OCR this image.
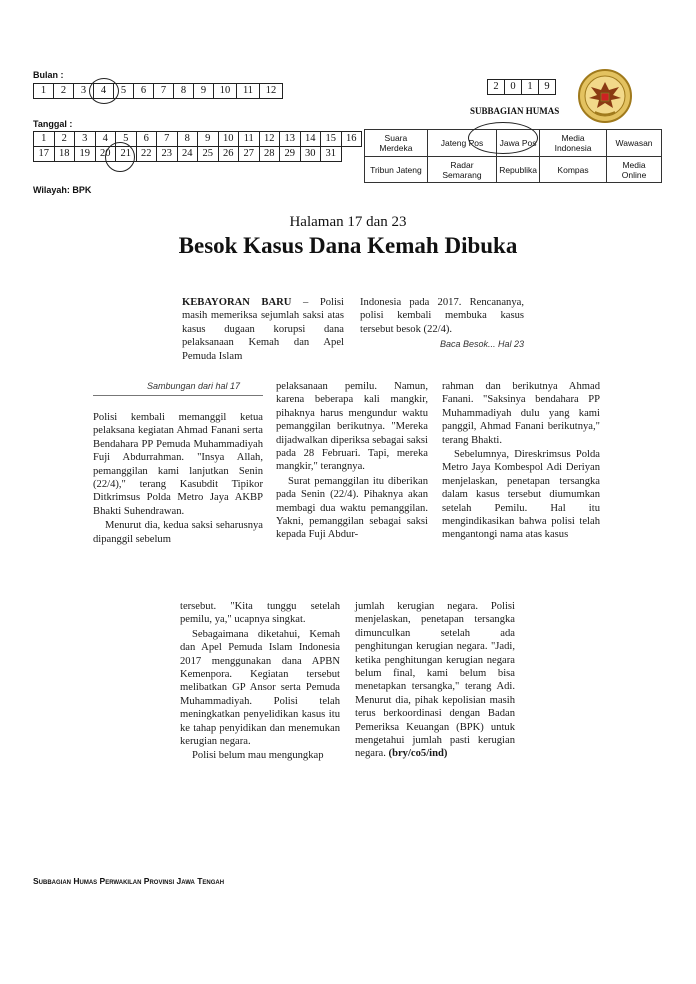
Bulan :
1	2	3	4	5	6	7	8	9	10	11	12	2	0	1	9
SUBBAGIAN HUMAS
Tanggal :
1	2	3	4	5	6	7	8	9	10	11	12	13	14	15	16
17	18	19	20	21	22	23	24	25	26	27	28	29	30	31	
Suara Merdeka	Jateng Pos	Jawa Pos	Media Indonesia	Wawasan
Tribun Jateng	Radar Semarang	Republika	Kompas	Media Online
Wilayah: BPK
Halaman 17 dan 23
Besok Kasus Dana Kemah Dibuka

KEBAYORAN BARU – Polisi masih memeriksa sejumlah saksi atas kasus dugaan korupsi dana pelaksanaan Kemah dan Apel Pemuda Islam

Indonesia pada 2017. Rencananya, polisi kembali membuka kasus tersebut besok (22/4).

Baca Besok... Hal 23

Sambungan dari hal 17

Polisi kembali memanggil ketua pelaksana kegiatan Ahmad Fanani serta Bendahara PP Pemuda Muhammadiyah Fuji Abdurrahman. "Insya Allah, pemanggilan kami lanjutkan Senin (22/4)," terang Kasubdit Tipikor Ditkrimsus Polda Metro Jaya AKBP Bhakti Suhendrawan.

Menurut dia, kedua saksi seharusnya dipanggil sebelum

pelaksanaan pemilu. Namun, karena beberapa kali mangkir, pihaknya harus mengundur waktu pemanggilan berikutnya. "Mereka dijadwalkan diperiksa sebagai saksi pada 28 Februari. Tapi, mereka mangkir," terangnya.

Surat pemanggilan itu diberikan pada Senin (22/4). Pihaknya akan membagi dua waktu pemanggilan. Yakni, pemanggilan sebagai saksi kepada Fuji Abdur-

rahman dan berikutnya Ahmad Fanani. "Saksinya bendahara PP Muhammadiyah dulu yang kami panggil, Ahmad Fanani berikutnya," terang Bhakti.

Sebelumnya, Direskrimsus Polda Metro Jaya Kombespol Adi Deriyan menjelaskan, penetapan tersangka dalam kasus tersebut diumumkan setelah Pemilu. Hal itu mengindikasikan bahwa polisi telah mengantongi nama atas kasus

tersebut. "Kita tunggu setelah pemilu, ya," ucapnya singkat.

Sebagaimana diketahui, Kemah dan Apel Pemuda Islam Indonesia 2017 menggunakan dana APBN Kemenpora. Kegiatan tersebut melibatkan GP Ansor serta Pemuda Muhammadiyah. Polisi telah meningkatkan penyelidikan kasus itu ke tahap penyidikan dan menemukan kerugian negara.

Polisi belum mau mengungkap

jumlah kerugian negara. Polisi menjelaskan, penetapan tersangka dimunculkan setelah ada penghitungan kerugian negara. "Jadi, ketika penghitungan kerugian negara belum final, kami belum bisa menetapkan tersangka," terang Adi. Menurut dia, pihak kepolisian masih terus berkoordinasi dengan Badan Pemeriksa Keuangan (BPK) untuk mengetahui jumlah pasti kerugian negara. (bry/co5/ind)

Subbagian Humas Perwakilan Provinsi Jawa Tengah
